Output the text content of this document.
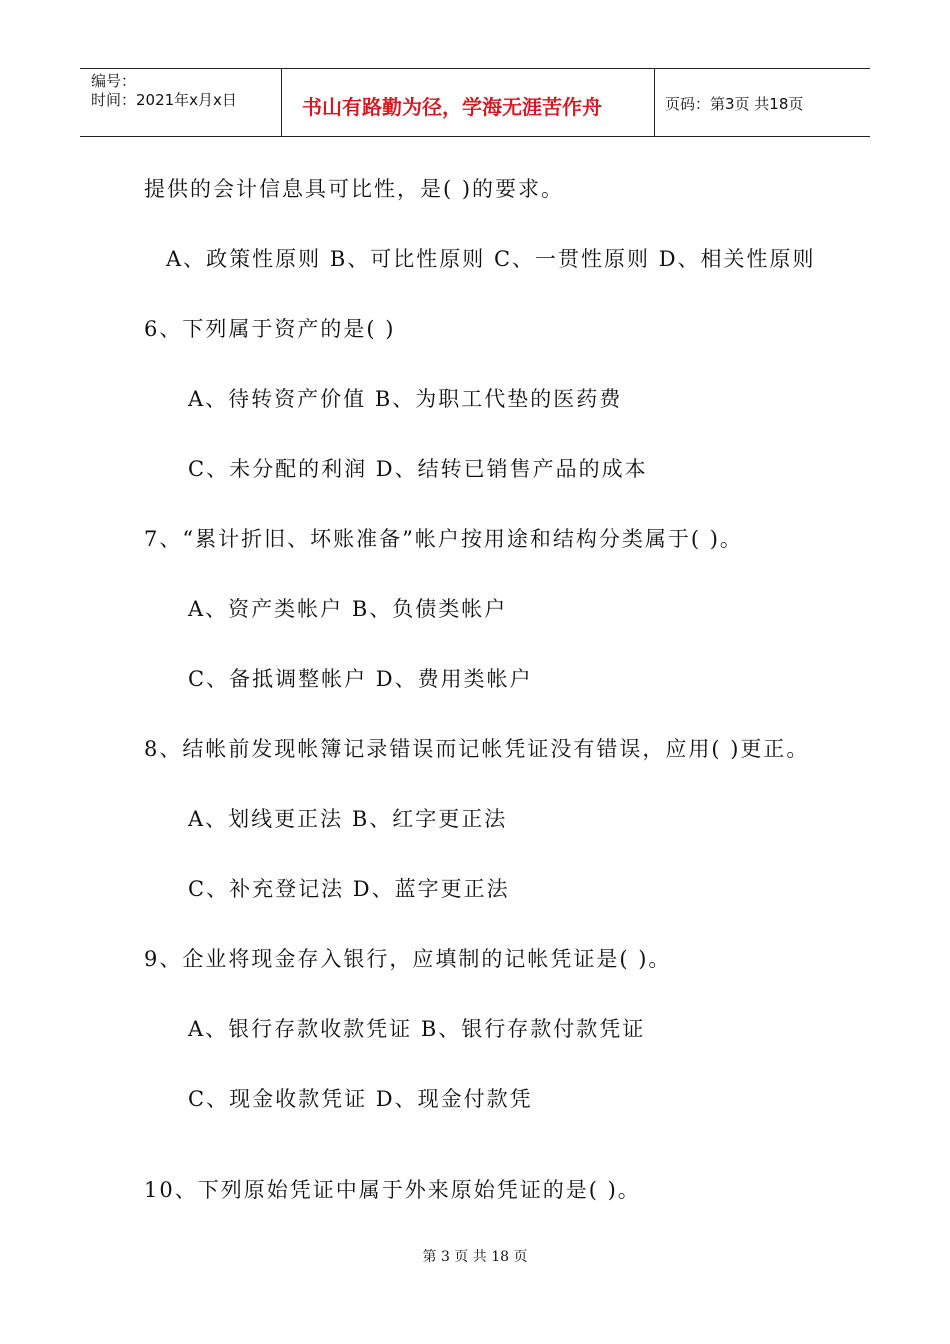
编号：
时间：2021年x月x日	书山有路勤为径，学海无涯苦作舟	页码：第3页 共18页
提供的会计信息具可比性，是( )的要求。
A、政策性原则 B、可比性原则 C、一贯性原则 D、相关性原则
6、下列属于资产的是( )
A、待转资产价值 B、为职工代垫的医药费
C、未分配的利润 D、结转已销售产品的成本
7、“累计折旧、坏账准备”帐户按用途和结构分类属于( )。
A、资产类帐户 B、负债类帐户
C、备抵调整帐户 D、费用类帐户
8、结帐前发现帐簿记录错误而记帐凭证没有错误，应用( )更正。
A、划线更正法 B、红字更正法
C、补充登记法 D、蓝字更正法
9、企业将现金存入银行，应填制的记帐凭证是( )。
A、银行存款收款凭证 B、银行存款付款凭证
C、现金收款凭证 D、现金付款凭
10、下列原始凭证中属于外来原始凭证的是( )。
第 3 页 共 18 页
